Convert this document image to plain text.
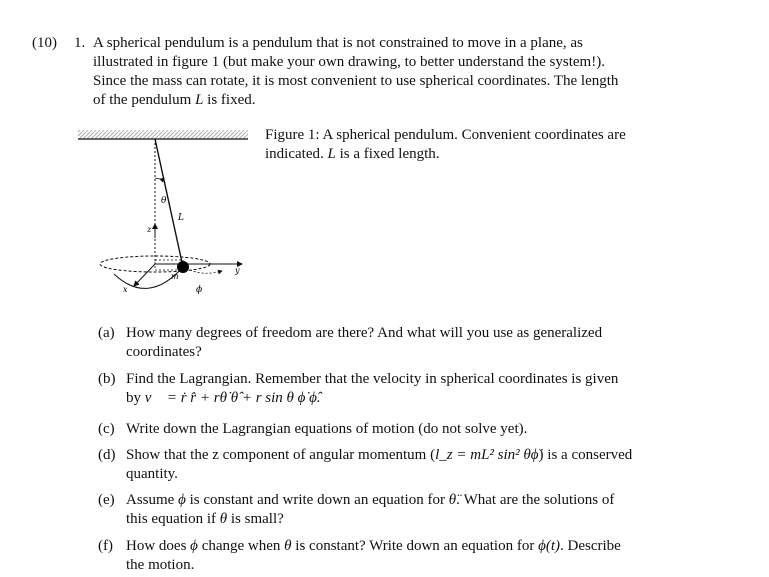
(10) 1. A spherical pendulum is a pendulum that is not constrained to move in a plane, as
illustrated in figure 1 (but make your own drawing, to better understand the system!).
Since the mass can rotate, it is most convenient to use spherical coordinates. The length
of the pendulum L is fixed.
θ
L
z
y
m
x	ϕ
Figure 1: A spherical pendulum. Convenient coordinates are
indicated. L is a fixed length.
(a) How many degrees of freedom are there? And what will you use as generalized
coordinates?
(b) Find the Lagrangian. Remember that the velocity in spherical coordinates is given
by v⃗ = ṙ r̂ + rθ̇ θ̂ + r sin θ ϕ̇ ϕ̂.
(c) Write down the Lagrangian equations of motion (do not solve yet).
(d) Show that the z component of angular momentum (l_z = mL² sin² θϕ̇) is a conserved
quantity.
(e) Assume ϕ is constant and write down an equation for θ̈. What are the solutions of
this equation if θ is small?
(f) How does ϕ change when θ is constant? Write down an equation for ϕ(t). Describe
the motion.
